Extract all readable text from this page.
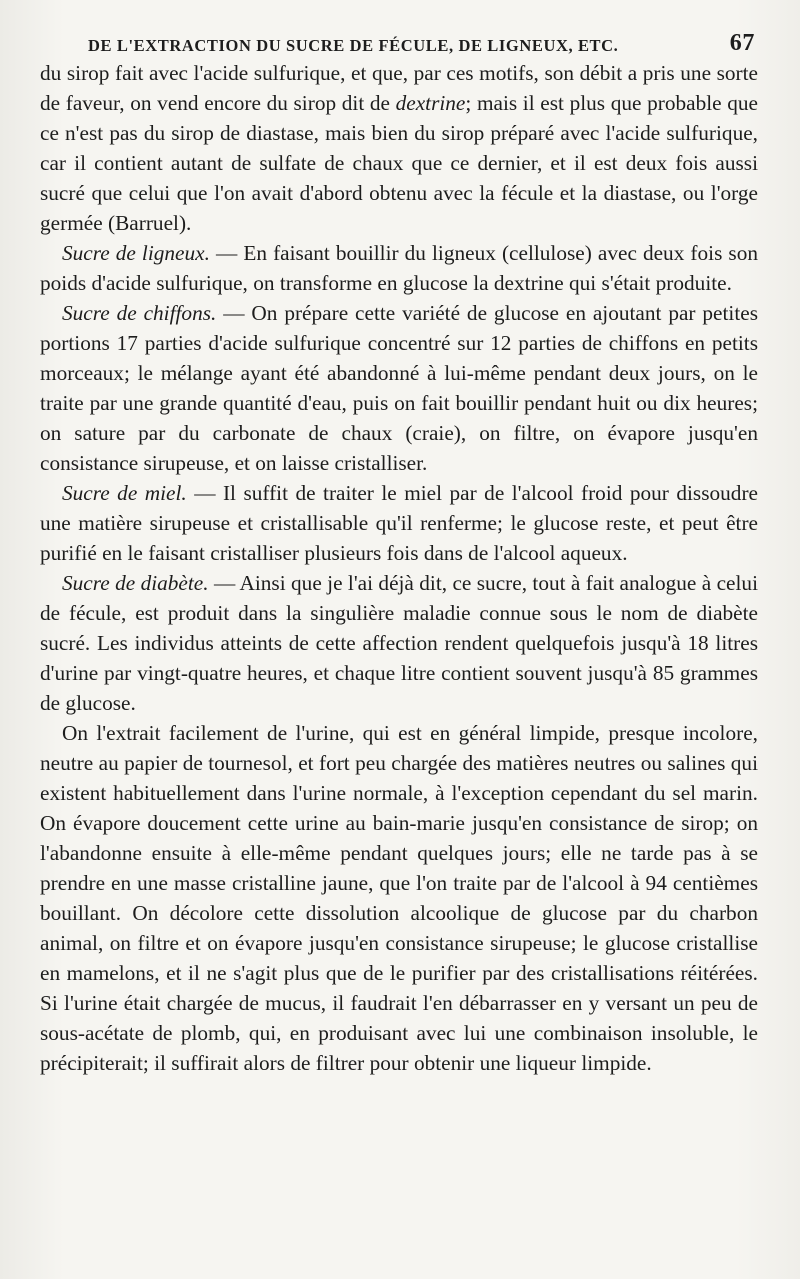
DE L'EXTRACTION DU SUCRE DE FÉCULE, DE LIGNEUX, ETC.	67

du sirop fait avec l'acide sulfurique, et que, par ces motifs, son débit a pris une sorte de faveur, on vend encore du sirop dit de dextrine; mais il est plus que probable que ce n'est pas du sirop de diastase, mais bien du sirop préparé avec l'acide sulfurique, car il contient autant de sulfate de chaux que ce dernier, et il est deux fois aussi sucré que celui que l'on avait d'abord obtenu avec la fécule et la diastase, ou l'orge germée (Barruel).

Sucre de ligneux. — En faisant bouillir du ligneux (cellulose) avec deux fois son poids d'acide sulfurique, on transforme en glucose la dextrine qui s'était produite.

Sucre de chiffons. — On prépare cette variété de glucose en ajoutant par petites portions 17 parties d'acide sulfurique concentré sur 12 parties de chiffons en petits morceaux; le mélange ayant été abandonné à lui-même pendant deux jours, on le traite par une grande quantité d'eau, puis on fait bouillir pendant huit ou dix heures; on sature par du carbonate de chaux (craie), on filtre, on évapore jusqu'en consistance sirupeuse, et on laisse cristalliser.

Sucre de miel. — Il suffit de traiter le miel par de l'alcool froid pour dissoudre une matière sirupeuse et cristallisable qu'il renferme; le glucose reste, et peut être purifié en le faisant cristalliser plusieurs fois dans de l'alcool aqueux.

Sucre de diabète. — Ainsi que je l'ai déjà dit, ce sucre, tout à fait analogue à celui de fécule, est produit dans la singulière maladie connue sous le nom de diabète sucré. Les individus atteints de cette affection rendent quelquefois jusqu'à 18 litres d'urine par vingt-quatre heures, et chaque litre contient souvent jusqu'à 85 grammes de glucose.

On l'extrait facilement de l'urine, qui est en général limpide, presque incolore, neutre au papier de tournesol, et fort peu chargée des matières neutres ou salines qui existent habituellement dans l'urine normale, à l'exception cependant du sel marin. On évapore doucement cette urine au bain-marie jusqu'en consistance de sirop; on l'abandonne ensuite à elle-même pendant quelques jours; elle ne tarde pas à se prendre en une masse cristalline jaune, que l'on traite par de l'alcool à 94 centièmes bouillant. On décolore cette dissolution alcoolique de glucose par du charbon animal, on filtre et on évapore jusqu'en consistance sirupeuse; le glucose cristallise en mamelons, et il ne s'agit plus que de le purifier par des cristallisations réitérées. Si l'urine était chargée de mucus, il faudrait l'en débarrasser en y versant un peu de sous-acétate de plomb, qui, en produisant avec lui une combinaison insoluble, le précipiterait; il suffirait alors de filtrer pour obtenir une liqueur limpide.
